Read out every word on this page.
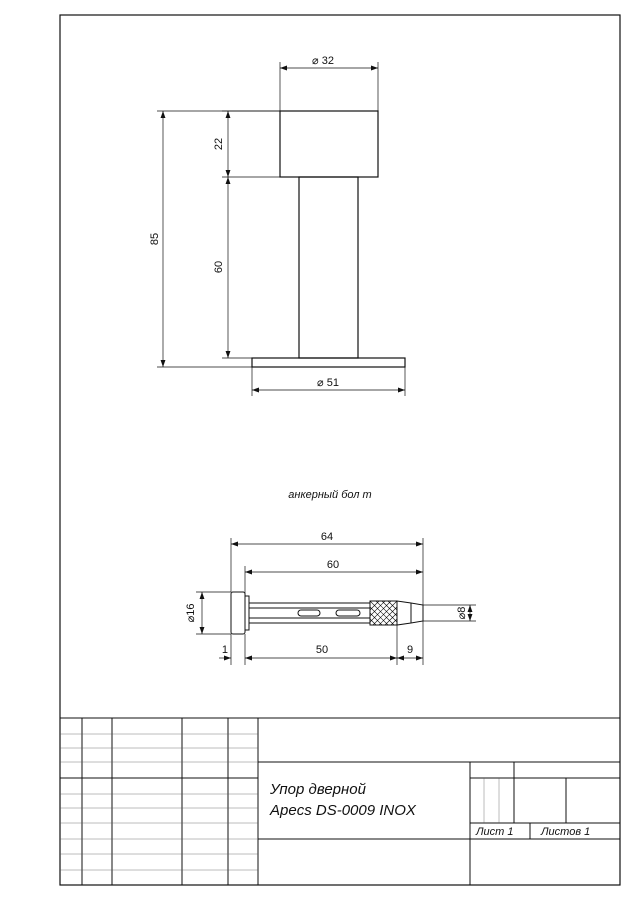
⌀ 32
22
85
60
⌀ 51
анкерный бол т
64
60
⌀16	⌀8
1	50	9
Упор дверной
Apecs DS-0009 INOX
Лист 1	Листов 1
